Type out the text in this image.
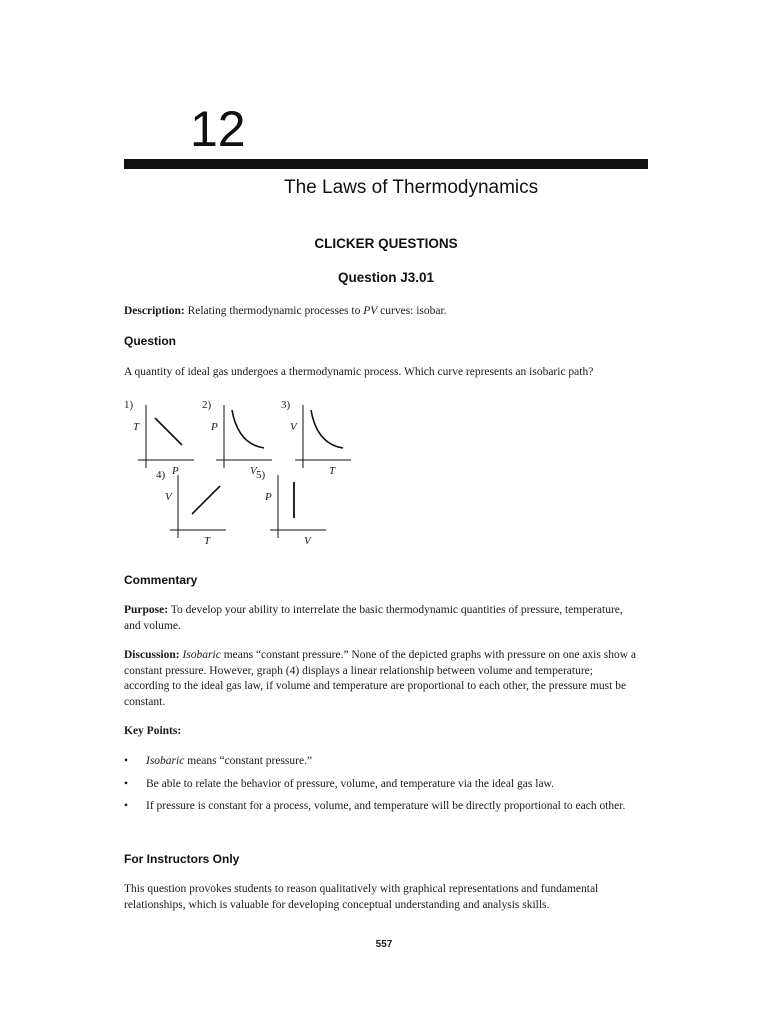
12
The Laws of Thermodynamics
CLICKER QUESTIONS
Question J3.01
Description: Relating thermodynamic processes to PV curves: isobar.
Question
A quantity of ideal gas undergoes a thermodynamic process. Which curve represents an isobaric path?
1)
T
P
2)
P
V
3)
V
T
4)
V
T
5)
P
V
Commentary
Purpose: To develop your ability to interrelate the basic thermodynamic quantities of pressure, temperature, and volume.
Discussion: Isobaric means “constant pressure.” None of the depicted graphs with pressure on one axis show a constant pressure. However, graph (4) displays a linear relationship between volume and temperature; according to the ideal gas law, if volume and temperature are proportional to each other, the pressure must be constant.
Key Points:
• Isobaric means “constant pressure.”
• Be able to relate the behavior of pressure, volume, and temperature via the ideal gas law.
• If pressure is constant for a process, volume, and temperature will be directly proportional to each other.
For Instructors Only
This question provokes students to reason qualitatively with graphical representations and fundamental relationships, which is valuable for developing conceptual understanding and analysis skills.
557
